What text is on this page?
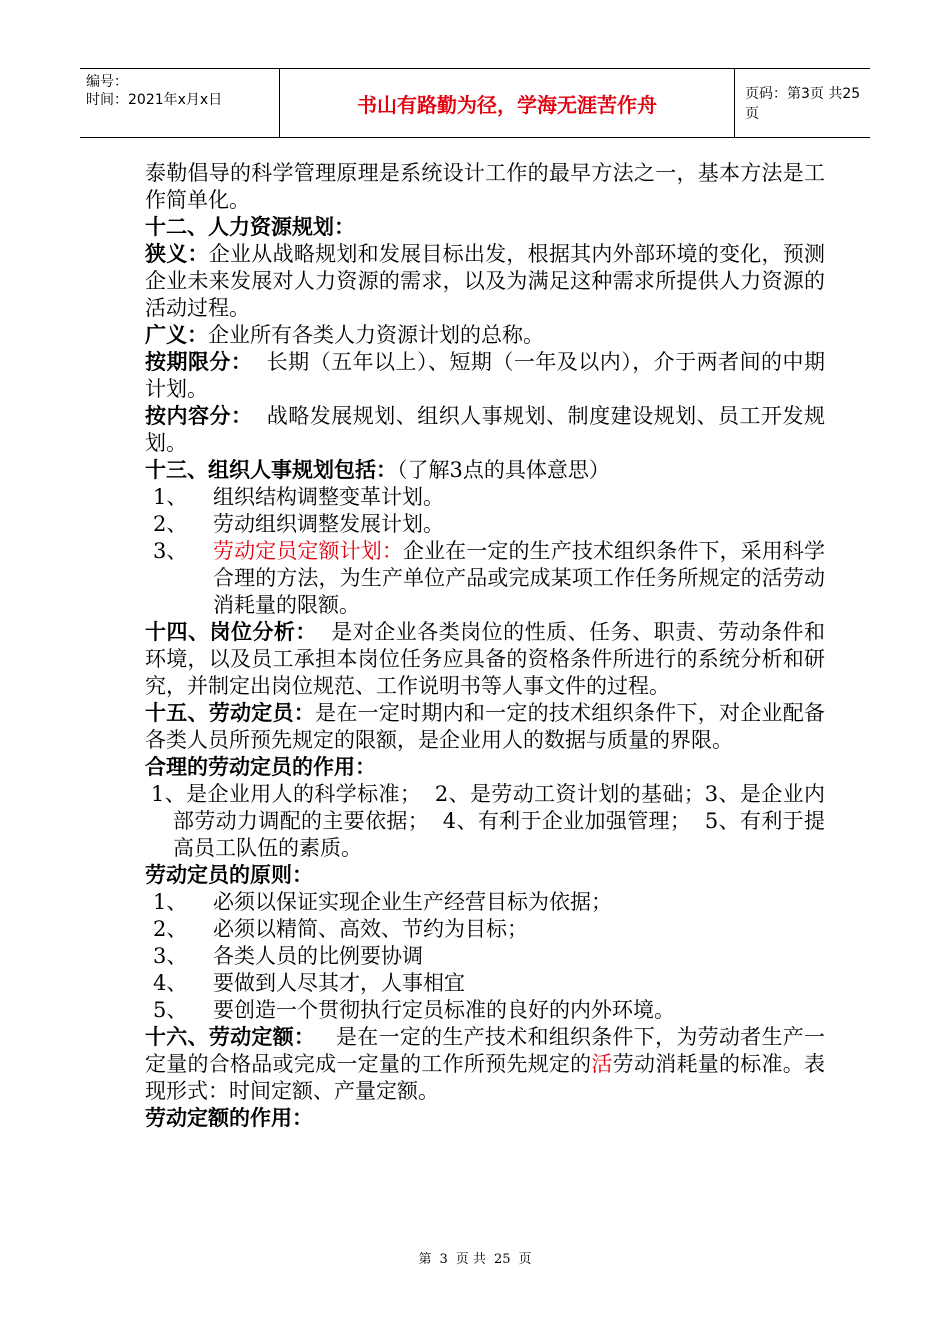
编号：
时间：2021年x月x日	书山有路勤为径，学海无涯苦作舟	页码：第3页 共25页

泰勒倡导的科学管理原理是系统设计工作的最早方法之一，基本方法是工作简单化。

十二、人力资源规划：

狭义：企业从战略规划和发展目标出发，根据其内外部环境的变化，预测企业未来发展对人力资源的需求，以及为满足这种需求所提供人力资源的活动过程。

广义：企业所有各类人力资源计划的总称。

按期限分：  长期（五年以上）、短期（一年及以内），介于两者间的中期计划。

按内容分：  战略发展规划、组织人事规划、制度建设规划、员工开发规划。

十三、组织人事规划包括：（了解3点的具体意思）

1、	组织结构调整变革计划。
2、	劳动组织调整发展计划。
3、	劳动定员定额计划：企业在一定的生产技术组织条件下，采用科学合理的方法，为生产单位产品或完成某项工作任务所规定的活劳动消耗量的限额。

十四、岗位分析：  是对企业各类岗位的性质、任务、职责、劳动条件和环境，以及员工承担本岗位任务应具备的资格条件所进行的系统分析和研究，并制定出岗位规范、工作说明书等人事文件的过程。

十五、劳动定员：是在一定时期内和一定的技术组织条件下，对企业配备各类人员所预先规定的限额，是企业用人的数据与质量的界限。

合理的劳动定员的作用：

1、是企业用人的科学标准；  2、是劳动工资计划的基础；3、是企业内部劳动力调配的主要依据；  4、有利于企业加强管理；  5、有利于提高员工队伍的素质。

劳动定员的原则：

1、	必须以保证实现企业生产经营目标为依据；
2、	必须以精简、高效、节约为目标；
3、	各类人员的比例要协调
4、	要做到人尽其才，人事相宜
5、	要创造一个贯彻执行定员标准的良好的内外环境。

十六、劳动定额：   是在一定的生产技术和组织条件下，为劳动者生产一定量的合格品或完成一定量的工作所预先规定的活劳动消耗量的标准。表现形式：时间定额、产量定额。

劳动定额的作用：

第 3 页 共 25 页
